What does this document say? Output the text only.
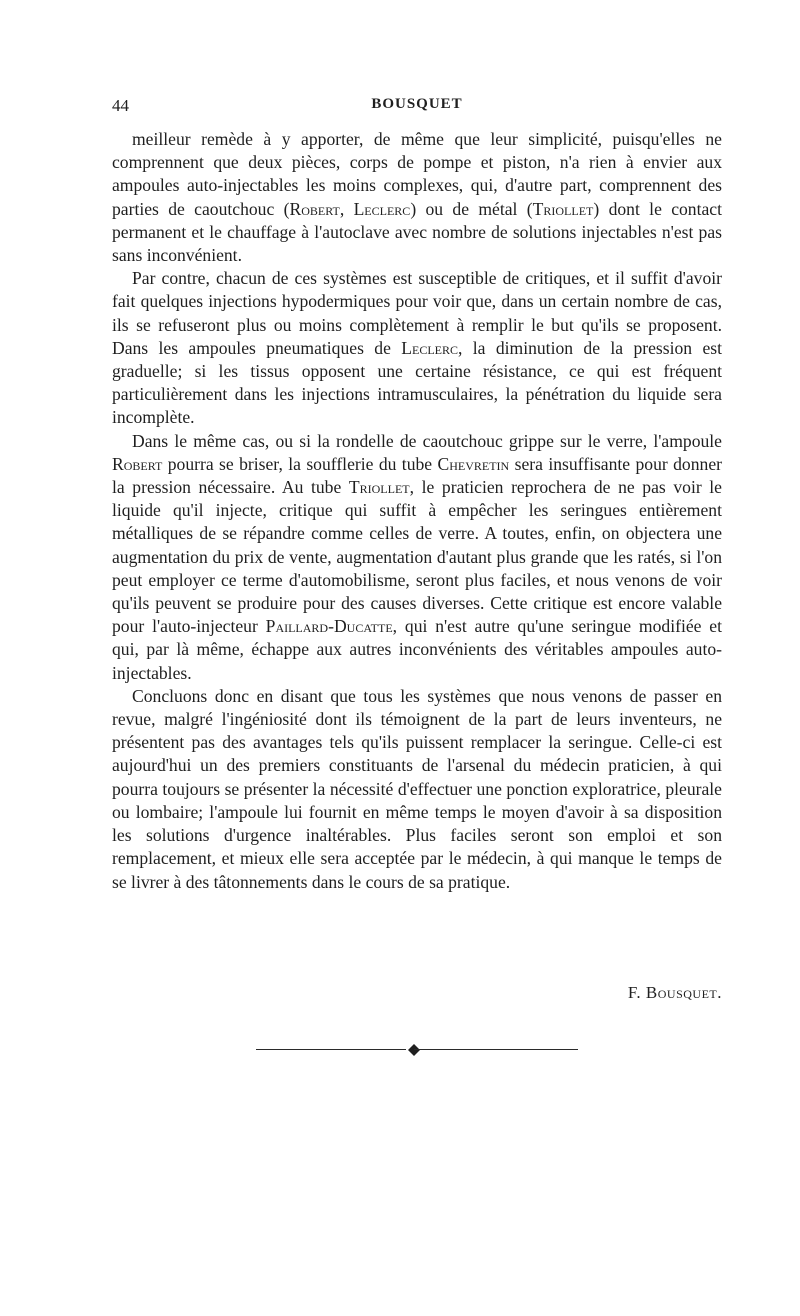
44	BOUSQUET

meilleur remède à y apporter, de même que leur simplicité, puisqu'elles ne comprennent que deux pièces, corps de pompe et piston, n'a rien à envier aux ampoules auto-injectables les moins complexes, qui, d'autre part, comprennent des parties de caoutchouc (Robert, Leclerc) ou de métal (Triollet) dont le contact permanent et le chauffage à l'autoclave avec nombre de solutions injectables n'est pas sans inconvénient.

Par contre, chacun de ces systèmes est susceptible de critiques, et il suffit d'avoir fait quelques injections hypodermiques pour voir que, dans un certain nombre de cas, ils se refuseront plus ou moins complètement à remplir le but qu'ils se proposent. Dans les ampoules pneumatiques de Leclerc, la diminution de la pression est graduelle; si les tissus opposent une certaine résistance, ce qui est fréquent particulièrement dans les injections intramusculaires, la pénétration du liquide sera incomplète.

Dans le même cas, ou si la rondelle de caoutchouc grippe sur le verre, l'ampoule Robert pourra se briser, la soufflerie du tube Chevretin sera insuffisante pour donner la pression nécessaire. Au tube Triollet, le praticien reprochera de ne pas voir le liquide qu'il injecte, critique qui suffit à empêcher les seringues entièrement métalliques de se répandre comme celles de verre. A toutes, enfin, on objectera une augmentation du prix de vente, augmentation d'autant plus grande que les ratés, si l'on peut employer ce terme d'automobilisme, seront plus faciles, et nous venons de voir qu'ils peuvent se produire pour des causes diverses. Cette critique est encore valable pour l'auto-injecteur Paillard-Ducatte, qui n'est autre qu'une seringue modifiée et qui, par là même, échappe aux autres inconvénients des véritables ampoules auto-injectables.

Concluons donc en disant que tous les systèmes que nous venons de passer en revue, malgré l'ingéniosité dont ils témoignent de la part de leurs inventeurs, ne présentent pas des avantages tels qu'ils puissent remplacer la seringue. Celle-ci est aujourd'hui un des premiers constituants de l'arsenal du médecin praticien, à qui pourra toujours se présenter la nécessité d'effectuer une ponction exploratrice, pleurale ou lombaire; l'ampoule lui fournit en même temps le moyen d'avoir à sa disposition les solutions d'urgence inaltérables. Plus faciles seront son emploi et son remplacement, et mieux elle sera acceptée par le médecin, à qui manque le temps de se livrer à des tâtonnements dans le cours de sa pratique.

F. Bousquet.
